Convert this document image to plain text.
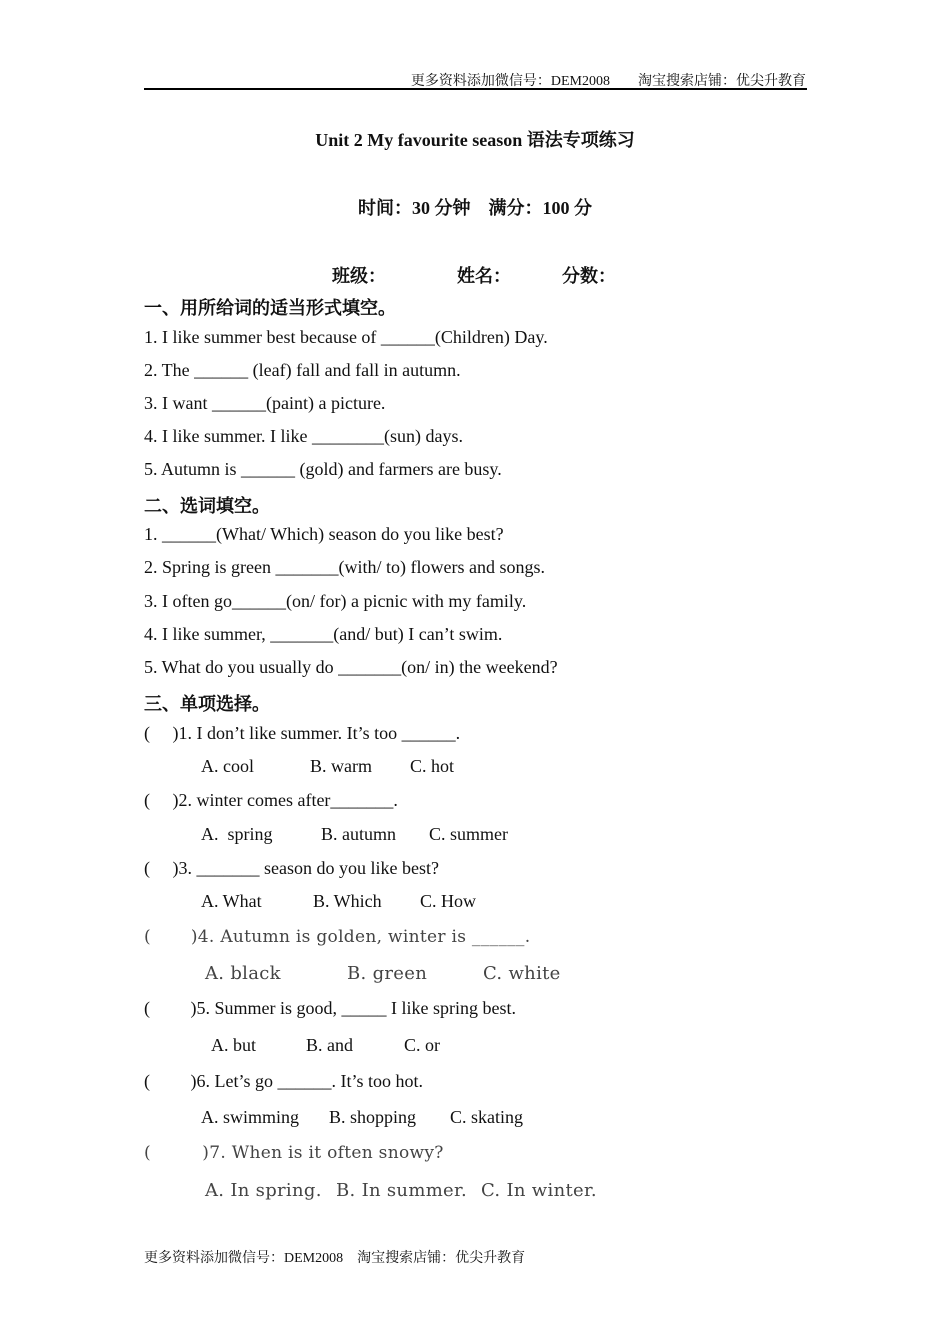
更多资料添加微信号：DEM2008　　淘宝搜索店铺：优尖升教育
Unit 2 My favourite season 语法专项练习
时间：30 分钟　满分：100 分
班级：	姓名：	分数：
一、用所给词的适当形式填空。
1. I like summer best because of ______(Children) Day.
2. The ______ (leaf) fall and fall in autumn.
3. I want ______(paint) a picture.
4. I like summer. I like ________(sun) days.
5. Autumn is ______ (gold) and farmers are busy.
二、选词填空。
1. ______(What/ Which) season do you like best?
2. Spring is green _______(with/ to) flowers and songs.
3. I often go______(on/ for) a picnic with my family.
4. I like summer, _______(and/ but) I can’t swim.
5. What do you usually do _______(on/ in) the weekend?
三、单项选择。
(     )1. I don’t like summer. It’s too ______.
A. cool	B. warm C. hot
(     )2. winter comes after_______.
A.  spring	B. autumn C. summer
(     )3. _______ season do you like best?
A. What	B. Which C. How
(       )4. Autumn is golden, winter is ______.
A. black	B. green	C. white
(         )5. Summer is good, _____ I like spring best.
A. but	B. and	C. or
(         )6. Let’s go ______. It’s too hot.
A. swimming B. shopping C. skating
(         )7. When is it often snowy?
A. In spring. B. In summer. C. In winter.
更多资料添加微信号：DEM2008　淘宝搜索店铺：优尖升教育
